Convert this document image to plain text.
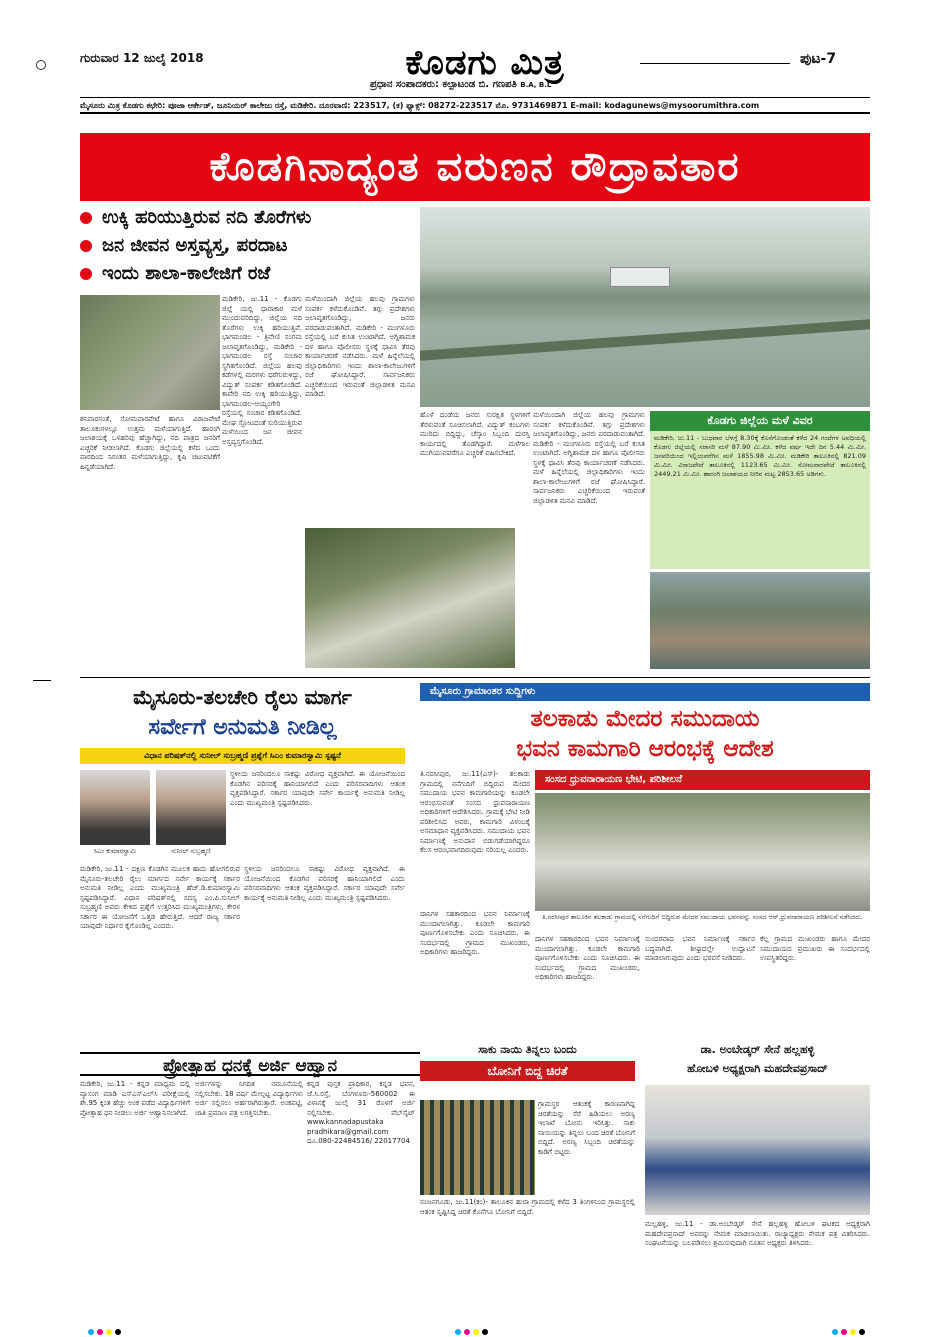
ಗುರುವಾರ 12 ಜುಲೈ 2018	ಕೊಡಗು ಮಿತ್ರ
ಪ್ರಧಾನ ಸಂಪಾದಕರು: ಕಲ್ಪಾಟಂಡ ಬಿ. ಗಣಪತಿ B.A, B.L
ಪುಟ-7
ಮೈಸೂರು ಮಿತ್ರ ಕೊಡಗು ಕಛೇರಿ: ಪೂಜಾ ಆರ್ಕೇಡ್, ಜೂನಿಯರ್ ಕಾಲೇಜು ರಸ್ತೆ, ಮಡಿಕೇರಿ. ದೂರವಾಣಿ: 223517, (ಕ) ಫ್ಯಾಕ್ಸ್: 08272-223517 ಮೊ. 9731469871 E-mail: kodagunews@mysoorumithra.com
ಕೊಡಗಿನಾದ್ಯಂತ ವರುಣನ ರೌದ್ರಾವತಾರ
ಉಕ್ಕಿ ಹರಿಯುತ್ತಿರುವ ನದಿ ತೊರೆಗಳು
ಜನ ಜೀವನ ಅಸ್ತವ್ಯಸ್ತ, ಪರದಾಟ
ಇಂದು ಶಾಲಾ-ಕಾಲೇಜಿಗೆ ರಜೆ
ಮಡಿಕೇರಿ, ಜು.11 - ಕೊಡಗು ಜಿಲ್ಲೆ ಯಲ್ಲಿ ಧಾರಾಕಾರ ಮಳೆ ಮುಂದುವರಿದಿದ್ದು, ಜಿಲ್ಲೆಯ ನದಿ ತೊರೆಗಳು ಉಕ್ಕಿ ಹರಿಯುತ್ತಿವೆ. ಭಾಗಮಂಡಲ - ತ್ರಿವೇಣಿ ಸಂಗಮ ಜಲಾವೃತಗೊಂಡಿದ್ದು, ಮಡಿಕೇರಿ - ಭಾಗಮಂಡಲ ರಸ್ತೆ ಸಂಚಾರ ಸ್ಥಗಿತಗೊಂಡಿದೆ. ಜಿಲ್ಲೆಯ ಹಲವು ಕಡೆಗಳಲ್ಲಿ ಮರಗಳು ಧರೆಗುರುಳಿದ್ದು, ವಿದ್ಯುತ್ ಸಂಪರ್ಕ ಕಡಿತಗೊಂಡಿದೆ. ಕಾವೇರಿ ನದಿ ಉಕ್ಕಿ ಹರಿಯುತ್ತಿದ್ದು, ಭಾಗಮಂಡಲ-ಅಯ್ಯಂಗೇರಿ ರಸ್ತೆಯಲ್ಲಿ ಸಂಚಾರ ಕಡಿತಗೊಂಡಿದೆ. ಮೇಘ ಸ್ಫೋಟದಂತೆ ಸುರಿಯುತ್ತಿರುವ ಮಳೆಯಿಂದ ಜನ ಜೀವನ ಅಸ್ತವ್ಯಸ್ತಗೊಂಡಿದೆ.
ಮಳೆಯಿಂದಾಗಿ ಜಿಲ್ಲೆಯ ಹಲವು ಗ್ರಾಮಗಳು ಸಂಪರ್ಕ ಕಳೆದುಕೊಂಡಿವೆ. ತಗ್ಗು ಪ್ರದೇಶಗಳು ಜಲಾವೃತಗೊಂಡಿದ್ದು, ಜನರು ಪರದಾಡುವಂತಾಗಿದೆ. ಮಡಿಕೇರಿ - ಮಂಗಳೂರು ರಸ್ತೆಯಲ್ಲಿ ಬರೆ ಕುಸಿತ ಉಂಟಾಗಿದೆ. ಅಗ್ನಿಶಾಮಕ ದಳ ಹಾಗೂ ಪೊಲೀಸರು ಸ್ಥಳಕ್ಕೆ ಧಾವಿಸಿ ತೆರವು ಕಾರ್ಯಾಚರಣೆ ನಡೆಸಿದರು. ಮಳೆ ಹಿನ್ನೆಲೆಯಲ್ಲಿ ಜಿಲ್ಲಾಧಿಕಾರಿಗಳು ಇಂದು ಶಾಲಾ-ಕಾಲೇಜುಗಳಿಗೆ ರಜೆ ಘೋಷಿಸಿದ್ದಾರೆ. ಸಾರ್ವಜನಿಕರು ಎಚ್ಚರಿಕೆಯಿಂದ ಇರುವಂತೆ ಜಿಲ್ಲಾಡಳಿತ ಮನವಿ ಮಾಡಿದೆ.
ಶನಿವಾರಸಂತೆ, ಸೋಮವಾರಪೇಟೆ ಹಾಗೂ ವಿರಾಜಪೇಟೆ ತಾಲೂಕುಗಳಲ್ಲೂ ಉತ್ತಮ ಮಳೆಯಾಗುತ್ತಿದೆ. ಹಾರಂಗಿ ಜಲಾಶಯಕ್ಕೆ ಒಳಹರಿವು ಹೆಚ್ಚಾಗಿದ್ದು, ನದಿ ಪಾತ್ರದ ಜನರಿಗೆ ಎಚ್ಚರಿಕೆ ನೀಡಲಾಗಿದೆ. ಕೊಡಗು ಜಿಲ್ಲೆಯಲ್ಲಿ ಕಳೆದ ಒಂದು ವಾರದಿಂದ ನಿರಂತರ ಮಳೆಯಾಗುತ್ತಿದ್ದು, ಕೃಷಿ ಚಟುವಟಿಕೆಗೆ ಹಿನ್ನಡೆಯಾಗಿದೆ.
ಹೊಳೆ ದಂಡೆಯ ಜನರು ಸುರಕ್ಷಿತ ಸ್ಥಳಗಳಿಗೆ ತೆರಳುವಂತೆ ಸೂಚಿಸಲಾಗಿದೆ. ವಿದ್ಯುತ್ ಕಂಬಗಳು ಮುರಿದು ಬಿದ್ದಿದ್ದು, ಚೆಸ್ಕಾಂ ಸಿಬ್ಬಂದಿ ದುರಸ್ತಿ ಕಾರ್ಯದಲ್ಲಿ ತೊಡಗಿದ್ದಾರೆ. ಮಳೆಗಾಲ ಮುಗಿಯುವವರೆಗೂ ಎಚ್ಚರಿಕೆ ವಹಿಸಬೇಕಿದೆ.
ಮಳೆಯಿಂದಾಗಿ ಜಿಲ್ಲೆಯ ಹಲವು ಗ್ರಾಮಗಳು ಸಂಪರ್ಕ ಕಳೆದುಕೊಂಡಿವೆ. ತಗ್ಗು ಪ್ರದೇಶಗಳು ಜಲಾವೃತಗೊಂಡಿದ್ದು, ಜನರು ಪರದಾಡುವಂತಾಗಿದೆ. ಮಡಿಕೇರಿ - ಮಂಗಳೂರು ರಸ್ತೆಯಲ್ಲಿ ಬರೆ ಕುಸಿತ ಉಂಟಾಗಿದೆ. ಅಗ್ನಿಶಾಮಕ ದಳ ಹಾಗೂ ಪೊಲೀಸರು ಸ್ಥಳಕ್ಕೆ ಧಾವಿಸಿ ತೆರವು ಕಾರ್ಯಾಚರಣೆ ನಡೆಸಿದರು. ಮಳೆ ಹಿನ್ನೆಲೆಯಲ್ಲಿ ಜಿಲ್ಲಾಧಿಕಾರಿಗಳು ಇಂದು ಶಾಲಾ-ಕಾಲೇಜುಗಳಿಗೆ ರಜೆ ಘೋಷಿಸಿದ್ದಾರೆ. ಸಾರ್ವಜನಿಕರು ಎಚ್ಚರಿಕೆಯಿಂದ ಇರುವಂತೆ ಜಿಲ್ಲಾಡಳಿತ ಮನವಿ ಮಾಡಿದೆ.
ಕೊಡಗು ಜಿಲ್ಲೆಯ ಮಳೆ ವಿವರ
ಮಡಿಕೇರಿ, ಜು.11 - ಬುಧವಾರ ಬೆಳಗ್ಗೆ 8.30ಕ್ಕೆ ಕೊನೆಗೊಂಡಂತೆ ಕಳೆದ 24 ಗಂಟೆಗಳ ಅವಧಿಯಲ್ಲಿ ಕೊಡಗು ಜಿಲ್ಲೆಯಲ್ಲಿ ಸರಾಸರಿ ಮಳೆ 87.90 ಮಿ.ಮೀ. ಕಳೆದ ವರ್ಷ ಇದೇ ದಿನ 5.44 ಮಿ.ಮೀ. ಜನವರಿಯಿಂದ ಇಲ್ಲಿಯವರೆಗಿನ ಮಳೆ 1855.98 ಮಿ.ಮೀ. ಮಡಿಕೇರಿ ತಾಲೂಕಿನಲ್ಲಿ 821.09 ಮಿ.ಮೀ. ವಿರಾಜಪೇಟೆ ತಾಲೂಕಿನಲ್ಲಿ 1123.65 ಮಿ.ಮೀ. ಸೋಮವಾರಪೇಟೆ ತಾಲೂಕಿನಲ್ಲಿ 2449.21 ಮಿ.ಮೀ. ಹಾರಂಗಿ ಜಲಾಶಯದ ನೀರಿನ ಮಟ್ಟ 2853.65 ಅಡಿಗಳು.
ಮೈಸೂರು-ತಲಚೇರಿ ರೈಲು ಮಾರ್ಗ
ಸರ್ವೇಗೆ ಅನುಮತಿ ನೀಡಿಲ್ಲ
ವಿಧಾನ ಪರಿಷತ್‌ನಲ್ಲಿ ಸುನೀಲ್ ಸುಬ್ರಹ್ಮಣಿ ಪ್ರಶ್ನೆಗೆ ಸಿಎಂ ಕುಮಾರಸ್ವಾಮಿ ಸ್ಪಷ್ಟನೆ
ಸಿಎಂ ಕುಮಾರಸ್ವಾಮಿ	ಸುನೀಲ್ ಸುಬ್ರಹ್ಮಣಿ
ಸ್ಥಳೀಯ ಜನರಿಂದಲೂ ಸಾಕಷ್ಟು ವಿರೋಧ ವ್ಯಕ್ತವಾಗಿದೆ. ಈ ಯೋಜನೆಯಿಂದ ಕೊಡಗಿನ ಪರಿಸರಕ್ಕೆ ಹಾನಿಯಾಗಲಿದೆ ಎಂದು ಪರಿಸರವಾದಿಗಳು ಆತಂಕ ವ್ಯಕ್ತಪಡಿಸಿದ್ದಾರೆ. ಸರ್ಕಾರ ಯಾವುದೇ ಸರ್ವೇ ಕಾರ್ಯಕ್ಕೆ ಅನುಮತಿ ನೀಡಿಲ್ಲ ಎಂದು ಮುಖ್ಯಮಂತ್ರಿ ಸ್ಪಷ್ಟಪಡಿಸಿದರು.
ಮಡಿಕೇರಿ, ಜು.11 - ದಕ್ಷಿಣ ಕೊಡಗಿನ ಮೂಲಕ ಹಾದು ಹೋಗಲಿರುವ ಮೈಸೂರು-ತಲಚೇರಿ ರೈಲು ಮಾರ್ಗದ ಸರ್ವೇ ಕಾರ್ಯಕ್ಕೆ ಸರ್ಕಾರ ಅನುಮತಿ ನೀಡಿಲ್ಲ ಎಂದು ಮುಖ್ಯಮಂತ್ರಿ ಹೆಚ್.ಡಿ.ಕುಮಾರಸ್ವಾಮಿ ಸ್ಪಷ್ಟಪಡಿಸಿದ್ದಾರೆ. ವಿಧಾನ ಪರಿಷತ್‌ನಲ್ಲಿ ಸದಸ್ಯ ಎಂ.ಪಿ.ಸುನೀಲ್ ಸುಬ್ರಹ್ಮಣಿ ಅವರು ಕೇಳಿದ ಪ್ರಶ್ನೆಗೆ ಉತ್ತರಿಸಿದ ಮುಖ್ಯಮಂತ್ರಿಗಳು, ಕೇರಳ ಸರ್ಕಾರ ಈ ಯೋಜನೆಗೆ ಒತ್ತಡ ಹೇರುತ್ತಿದೆ. ಆದರೆ ರಾಜ್ಯ ಸರ್ಕಾರ ಯಾವುದೇ ನಿರ್ಧಾರ ಕೈಗೊಂಡಿಲ್ಲ ಎಂದರು.
ಸ್ಥಳೀಯ ಜನರಿಂದಲೂ ಸಾಕಷ್ಟು ವಿರೋಧ ವ್ಯಕ್ತವಾಗಿದೆ. ಈ ಯೋಜನೆಯಿಂದ ಕೊಡಗಿನ ಪರಿಸರಕ್ಕೆ ಹಾನಿಯಾಗಲಿದೆ ಎಂದು ಪರಿಸರವಾದಿಗಳು ಆತಂಕ ವ್ಯಕ್ತಪಡಿಸಿದ್ದಾರೆ. ಸರ್ಕಾರ ಯಾವುದೇ ಸರ್ವೇ ಕಾರ್ಯಕ್ಕೆ ಅನುಮತಿ ನೀಡಿಲ್ಲ ಎಂದು ಮುಖ್ಯಮಂತ್ರಿ ಸ್ಪಷ್ಟಪಡಿಸಿದರು.
ಮೈಸೂರು ಗ್ರಾಮಾಂತರ ಸುದ್ದಿಗಳು
ತಲಕಾಡು ಮೇದರ ಸಮುದಾಯ
ಭವನ ಕಾಮಗಾರಿ ಆರಂಭಕ್ಕೆ ಆದೇಶ
ತಿ.ನರಸೀಪುರ, ಜು.11(ಎಸ್)- ತಲಕಾಡು ಗ್ರಾಮದಲ್ಲಿ ನನೆಗುದಿಗೆ ಬಿದ್ದಿರುವ ಮೇದರ ಸಮುದಾಯ ಭವನ ಕಾಮಗಾರಿಯನ್ನು ಕೂಡಲೇ ಆರಂಭಿಸುವಂತೆ ಸಂಸದ ಧ್ರುವನಾರಾಯಣ ಅಧಿಕಾರಿಗಳಿಗೆ ಆದೇಶಿಸಿದರು. ಗ್ರಾಮಕ್ಕೆ ಭೇಟಿ ನೀಡಿ ಪರಿಶೀಲಿಸಿದ ಅವರು, ಕಾಮಗಾರಿ ವಿಳಂಬಕ್ಕೆ ಅಸಮಾಧಾನ ವ್ಯಕ್ತಪಡಿಸಿದರು. ಸಮುದಾಯ ಭವನ ನಿರ್ಮಾಣಕ್ಕೆ ಅನುದಾನ ಬಿಡುಗಡೆಯಾಗಿದ್ದರೂ ಕೆಲಸ ಆರಂಭವಾಗದಿರುವುದು ಸರಿಯಲ್ಲ ಎಂದರು.
ಸಂಸದ ಧ್ರುವನಾರಾಯಣ ಭೇಟಿ, ಪರಿಶೀಲನೆ
ತಿ.ನರಸೀಪುರ ತಾಲೂಕಿನ ತಲಕಾಡು ಗ್ರಾಮದಲ್ಲಿ ನನೆಗುದಿಗೆ ಬಿದ್ದಿರುವ ಮೇದರ ಸಮುದಾಯ ಭವನವನ್ನು ಸಂಸದ ಆರ್.ಧ್ರುವನಾರಾಯಣ ಪರಿಶೀಲನೆ ನಡೆಸಿದರು.
ದಾನಿಗಳ ಸಹಕಾರದಿಂದ ಭವನ ನಿರ್ಮಾಣಕ್ಕೆ ಮುಂದಾಗಲಾಗಿತ್ತು. ಕೂಡಲೇ ಕಾಮಗಾರಿ ಪೂರ್ಣಗೊಳಿಸಬೇಕು ಎಂದು ಸೂಚಿಸಿದರು. ಈ ಸಂದರ್ಭದಲ್ಲಿ ಗ್ರಾಮದ ಮುಖಂಡರು, ಅಧಿಕಾರಿಗಳು ಹಾಜರಿದ್ದರು.
ಸುಂದರವಾದ ಭವನ ನಿರ್ಮಾಣಕ್ಕೆ ಸರ್ಕಾರ ಬದ್ಧವಾಗಿದೆ. ಶೀಘ್ರದಲ್ಲೇ ಉದ್ಘಾಟನೆ ಮಾಡಲಾಗುವುದು ಎಂದು ಭರವಸೆ ನೀಡಿದರು.
ಕೆಲ್ಲ ಗ್ರಾಮದ ಮುಖಂಡರು ಹಾಗೂ ಮೇದರ ಸಮುದಾಯದ ಪ್ರಮುಖರು ಈ ಸಂದರ್ಭದಲ್ಲಿ ಉಪಸ್ಥಿತರಿದ್ದರು.
ದಾನಿಗಳ ಸಹಕಾರದಿಂದ ಭವನ ನಿರ್ಮಾಣಕ್ಕೆ ಮುಂದಾಗಲಾಗಿತ್ತು. ಕೂಡಲೇ ಕಾಮಗಾರಿ ಪೂರ್ಣಗೊಳಿಸಬೇಕು ಎಂದು ಸೂಚಿಸಿದರು. ಈ ಸಂದರ್ಭದಲ್ಲಿ ಗ್ರಾಮದ ಮುಖಂಡರು, ಅಧಿಕಾರಿಗಳು ಹಾಜರಿದ್ದರು.
ಪ್ರೋತ್ಸಾಹ ಧನಕ್ಕೆ ಅರ್ಜಿ ಆಹ್ವಾನ
ಮಡಿಕೇರಿ, ಜು.11 - ಕನ್ನಡ ಮಾಧ್ಯಮ ದಲ್ಲಿ ವ್ಯಾಸಂಗ ಮಾಡಿ ಎಸ್‌ಎಸ್‌ಎಲ್‌ಸಿ ಪರೀಕ್ಷೆಯಲ್ಲಿ ಶೇ.95 ಕ್ಕಿಂತ ಹೆಚ್ಚು ಅಂಕ ಪಡೆದ ವಿದ್ಯಾರ್ಥಿಗಳಿಗೆ ಪ್ರೋತ್ಸಾಹ ಧನ ನೀಡಲು ಅರ್ಜಿ ಆಹ್ವಾನಿಸಲಾಗಿದೆ.
ಅರ್ಜಿಗಳನ್ನು ನಿಗದಿತ ನಮೂನೆಯಲ್ಲಿ ಸಲ್ಲಿಸಬೇಕು. 18 ವರ್ಷ ಮೇಲ್ಪಟ್ಟ ವಿದ್ಯಾರ್ಥಿಗಳು ಅರ್ಜಿ ಸಲ್ಲಿಸಲು ಅರ್ಹರಾಗಿರುತ್ತಾರೆ. ಅಂಕಪಟ್ಟಿ, ಜಾತಿ ಪ್ರಮಾಣ ಪತ್ರ ಲಗತ್ತಿಸಬೇಕು.
ಕನ್ನಡ ಪುಸ್ತಕ ಪ್ರಾಧಿಕಾರ, ಕನ್ನಡ ಭವನ, ಜೆ.ಸಿ.ರಸ್ತೆ, ಬೆಂಗಳೂರು-560002 ಈ ವಿಳಾಸಕ್ಕೆ ಜುಲೈ 31 ರೊಳಗೆ ಅರ್ಜಿ ಸಲ್ಲಿಸಬೇಕು. ವೆಬ್‌ಸೈಟ್ www.kannadapustaka pradhikara@gmail.com ದೂ.080-22484516/ 22017704
ಸಾಕು ನಾಯಿ ತಿನ್ನಲು ಬಂದು
ಬೋನಿಗೆ ಬಿದ್ದ ಚಿರತೆ
ಗ್ರಾಮಸ್ಥರ ಆತಂಕಕ್ಕೆ ಕಾರಣವಾಗಿದ್ದ ಚಿರತೆಯನ್ನು ಸೆರೆ ಹಿಡಿಯಲು ಅರಣ್ಯ ಇಲಾಖೆ ಬೋನು ಇರಿಸಿತ್ತು. ಸಾಕು ನಾಯಿಯನ್ನು ತಿನ್ನಲು ಬಂದ ಚಿರತೆ ಬೋನಿಗೆ ಬಿದ್ದಿದೆ. ಅರಣ್ಯ ಸಿಬ್ಬಂದಿ ಚಿರತೆಯನ್ನು ಕಾಡಿಗೆ ಬಿಟ್ಟರು.
ನಂಜನಗೂಡು, ಜು.11(ಕಂ)- ತಾಲೂಕಿನ ಹುರಾ ಗ್ರಾಮದಲ್ಲಿ ಕಳೆದ 3 ತಿಂಗಳಿನಿಂದ ಗ್ರಾಮಸ್ಥರಲ್ಲಿ ಆತಂಕ ಸೃಷ್ಟಿಸಿದ್ದ ಚಿರತೆ ಕೊನೆಗೂ ಬೋನಿಗೆ ಬಿದ್ದಿದೆ.
ಡಾ. ಅಂಬೇಡ್ಕರ್ ಸೇನೆ ಹಲ್ಲಹಳ್ಳಿ
ಹೋಬಳಿ ಅಧ್ಯಕ್ಷರಾಗಿ ಮಹದೇವಪ್ರಸಾದ್
ಮಲ್ಲಹಳ್ಳಿ, ಜು.11 - ಡಾ.ಅಂಬೇಡ್ಕರ್ ಸೇನೆ ಹಲ್ಲಹಳ್ಳಿ ಹೋಬಳಿ ಘಟಕದ ಅಧ್ಯಕ್ಷರಾಗಿ ಮಹದೇವಪ್ರಸಾದ್ ಅವರನ್ನು ನೇಮಕ ಮಾಡಲಾಯಿತು. ರಾಜ್ಯಾಧ್ಯಕ್ಷರು ನೇಮಕ ಪತ್ರ ವಿತರಿಸಿದರು. ಸಂಘಟನೆಯನ್ನು ಬಲಪಡಿಸಲು ಶ್ರಮಿಸುವುದಾಗಿ ನೂತನ ಅಧ್ಯಕ್ಷರು ತಿಳಿಸಿದರು.
